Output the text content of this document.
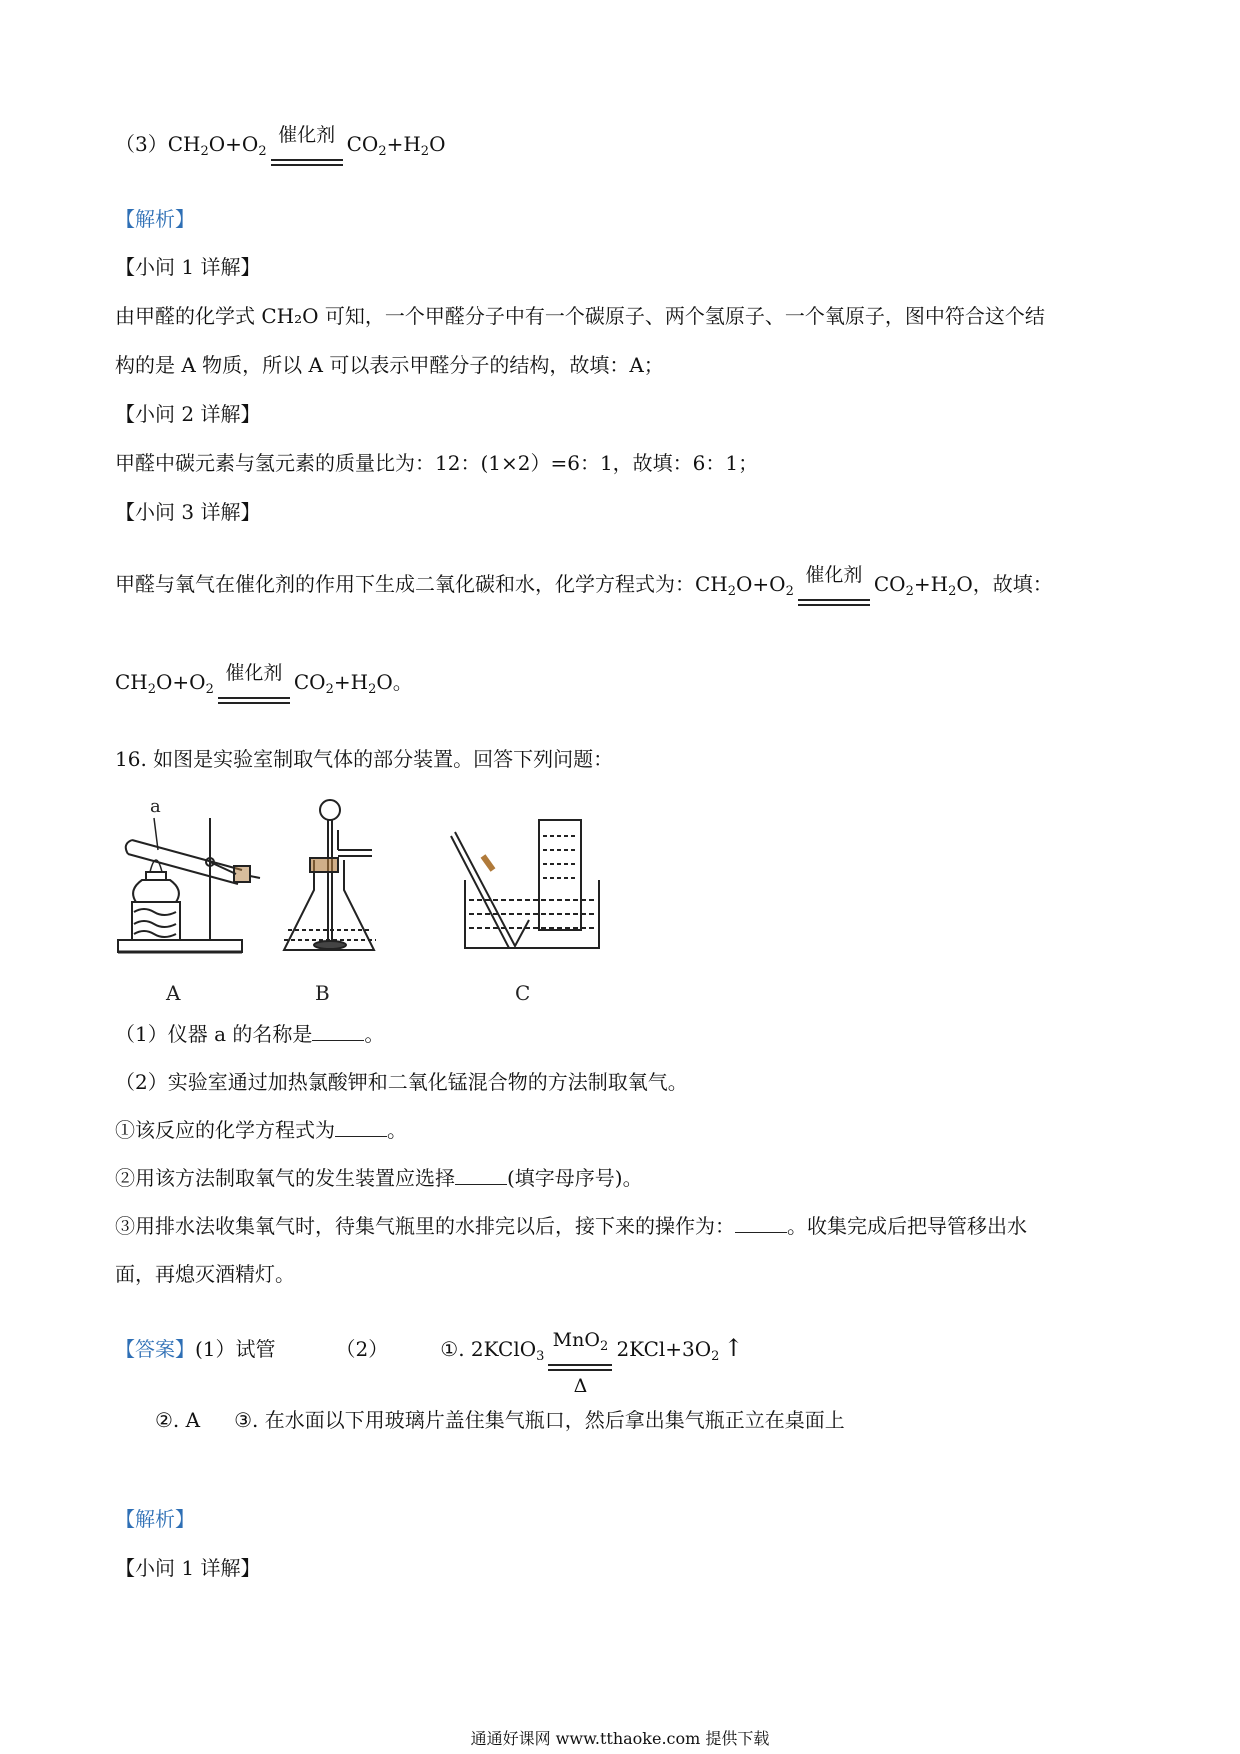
$(3)CH_2O+O_2$
催化剂 $CO_2+H_2O$
【解析】
【小问 1 详解】
由甲醛的化学式 CH₂O 可知，一个甲醛分子中有一个碳原子、两个氢原子、一个氧原子，图中符合这个结
构的是 A 物质，所以 A 可以表示甲醛分子的结构，故填：A；
【小问 2 详解】
甲醛中碳元素与氢元素的质量比为：12：(1×2）=6：1，故填：6：1；
【小问 3 详解】
甲醛与氧气在催化剂的作用下生成二氧化碳和水，化学方程式为：$CH_2O+O_2$
催化剂 $CO_2+H_2O$，故填：
$CH_2O+O_2$
催化剂 $CO_2+H_2O$。
16. 如图是实验室制取气体的部分装置。回答下列问题：
a
A	B	C
（1）仪器 a 的名称是	。
（2）实验室通过加热氯酸钾和二氧化锰混合物的方法制取氧气。
①该反应的化学方程式为	。
②用该方法制取氧气的发生装置应选择	(填字母序号)。
③用排水法收集氧气时，待集气瓶里的水排完以后，接下来的操作为：	。收集完成后把导管移出水
面，再熄灭酒精灯。
【答案】(1）试管	（2）	①. 2KClO$_3$
MnO$_2$
Δ
$2KCl+3O_2$ ↑
②. A ③. 在水面以下用玻璃片盖住集气瓶口，然后拿出集气瓶正立在桌面上
【解析】
【小问 1 详解】
通通好课网 www.tthaoke.com 提供下载
